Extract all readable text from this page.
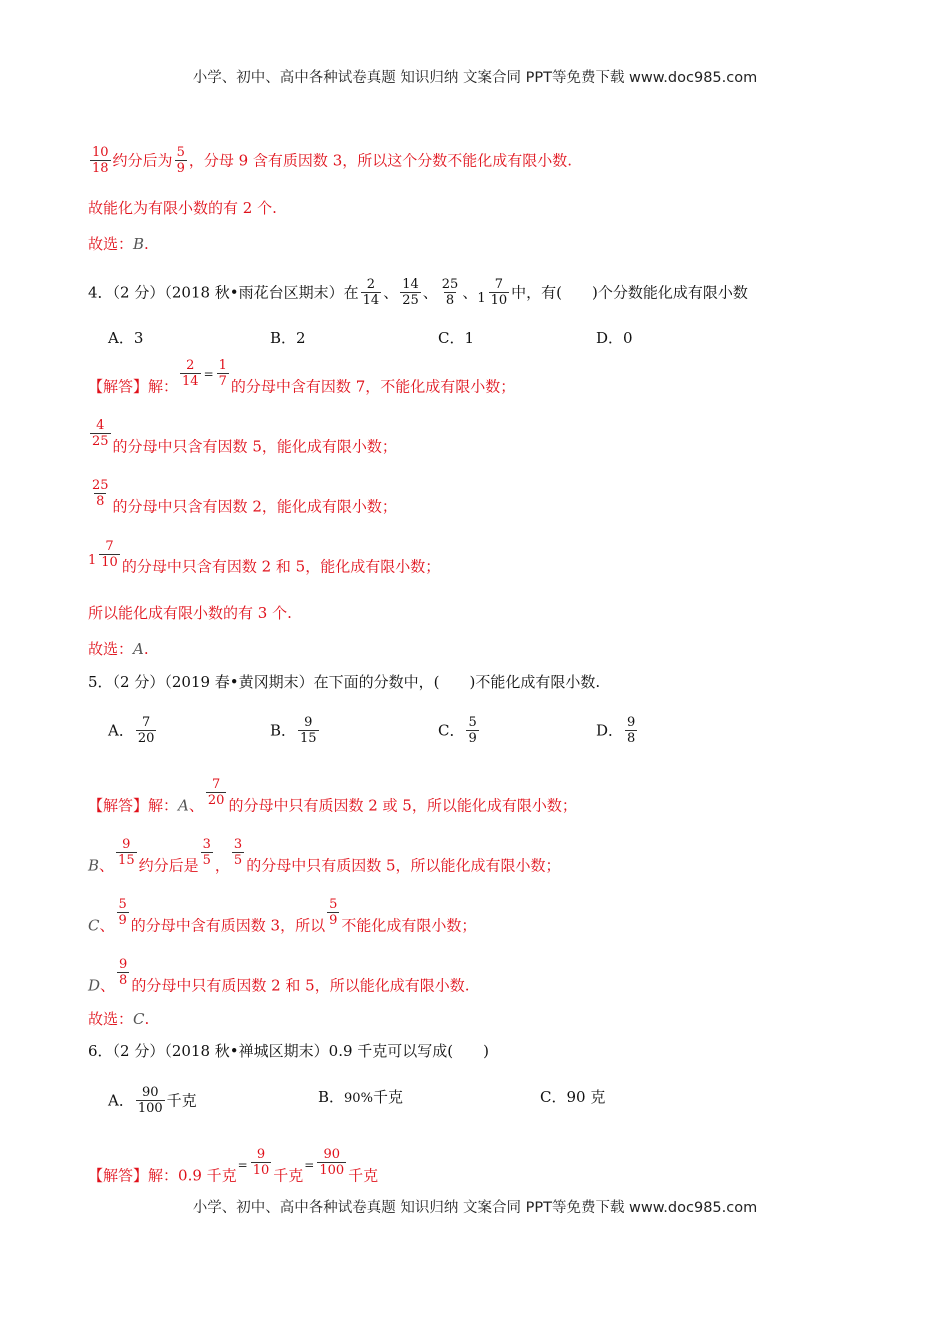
小学、初中、高中各种试卷真题 知识归纳 文案合同 PPT等免费下载 www.doc985.com
$\frac{10}{18}$ 约分后为 $\frac{5}{9}$ ，分母 9 含有质因数 3，所以这个分数不能化成有限小数.
故能化为有限小数的有 2 个.
故选：B.
4．（2 分）（2018 秋•雨花台区期末）在 $\frac{2}{14}$ 、 $\frac{14}{25}$ 、 $\frac{25}{8}$ 、 $1 \frac{7}{10}$ 中，有(　　)个分数能化成有限小数
A．3	B．2	C．1	D．0
【解答】解： $\frac{2}{14} ^= \frac{1}{7}$ 的分母中含有因数 7，不能化成有限小数；
$\frac{4}{25}$ 的分母中只含有因数 5，能化成有限小数；
$\frac{25}{8}$ 的分母中只含有因数 2，能化成有限小数；
$1 \frac{7}{10}$ 的分母中只含有因数 2 和 5，能化成有限小数；
所以能化成有限小数的有 3 个.
故选：A.
5．（2 分）（2019 春•黄冈期末）在下面的分数中，(　　)不能化成有限小数.
A． $\frac{7}{20}$	B． $\frac{9}{15}$	C． $\frac{5}{9}$	D． $\frac{9}{8}$
【解答】解：A、 $\frac{7}{20}$ 的分母中只有质因数 2 或 5，所以能化成有限小数；
B、 $\frac{9}{15}$ 约分后是 $\frac{3}{5}$ ， $\frac{3}{5}$ 的分母中只有质因数 5，所以能化成有限小数；
C、 $\frac{5}{9}$ 的分母中含有质因数 3，所以 $\frac{5}{9}$ 不能化成有限小数；
D、 $\frac{9}{8}$ 的分母中只有质因数 2 和 5，所以能化成有限小数.
故选：C.
6．（2 分）（2018 秋•禅城区期末）0.9 千克可以写成(　　)
A． $\frac{90}{100}$ 千克	B．90%千克	C．90 克
【解答】解：0.9 千克$^= \frac{9}{10}$ 千克$^= \frac{90}{100}$ 千克
小学、初中、高中各种试卷真题 知识归纳 文案合同 PPT等免费下载 www.doc985.com
